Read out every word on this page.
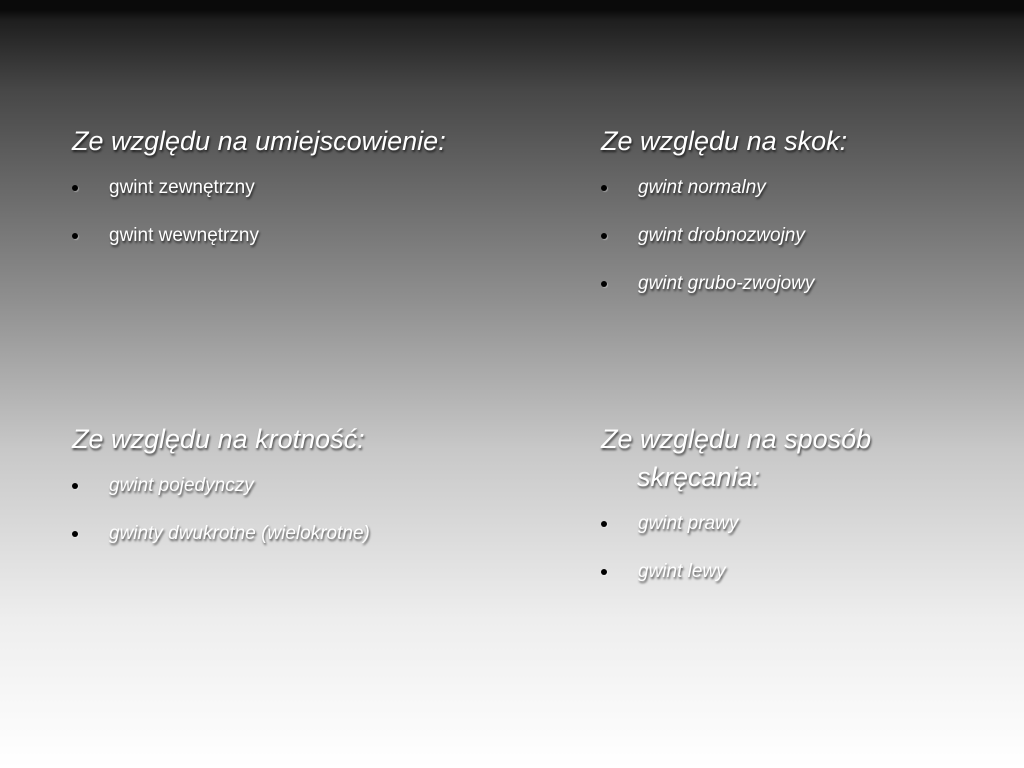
Ze względu na umiejscowienie:
gwint zewnętrzny
gwint wewnętrzny
Ze względu na skok:
gwint normalny
gwint drobnozwojny
gwint grubo-zwojowy
Ze względu na krotność:
gwint pojedynczy
gwinty dwukrotne (wielokrotne)
Ze względu na sposób skręcania:
gwint prawy
gwint lewy
